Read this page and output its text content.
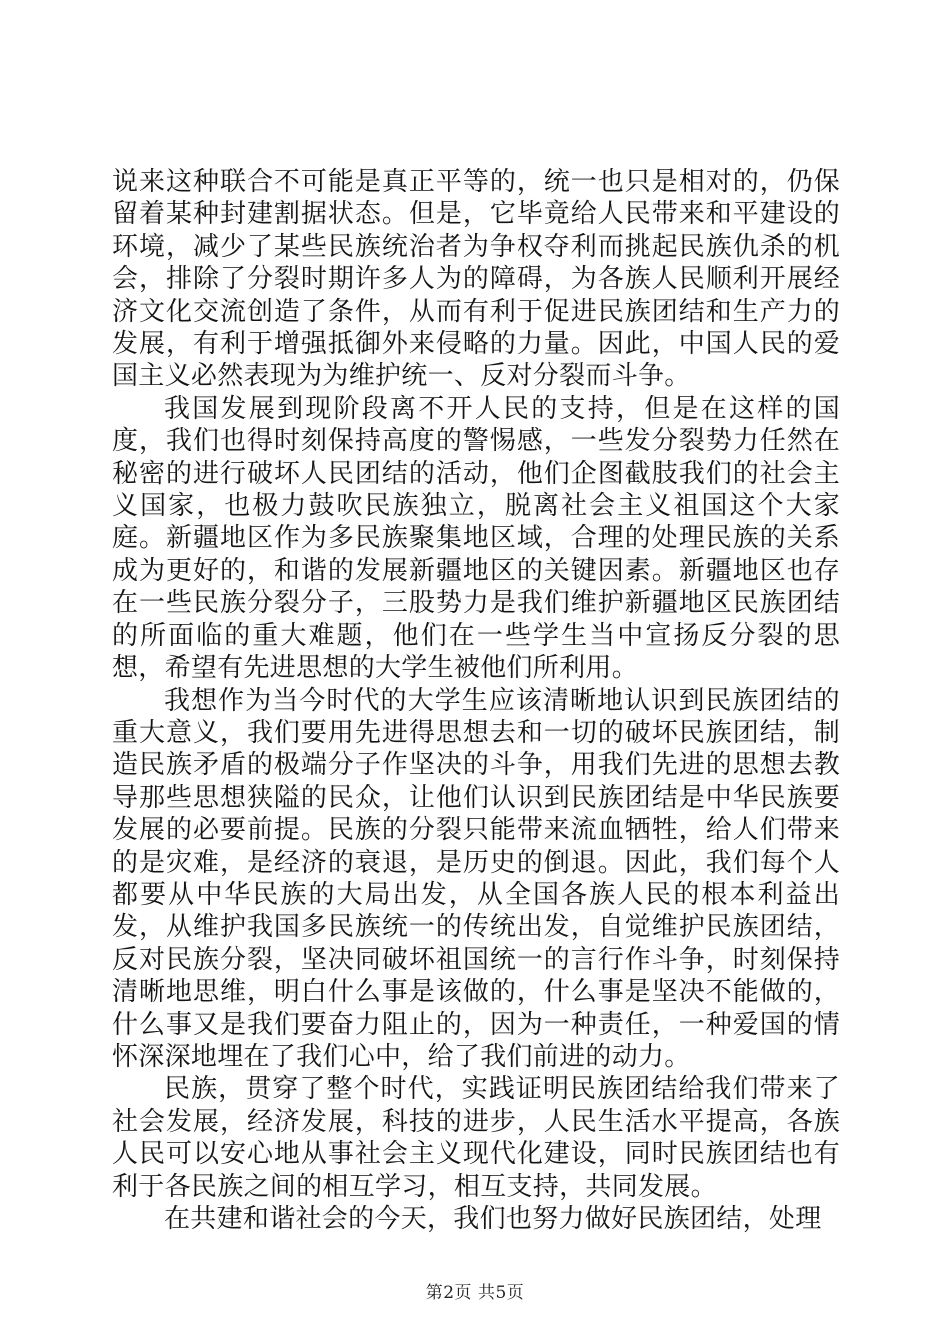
说来这种联合不可能是真正平等的，统一也只是相对的，仍保留着某种封建割据状态。但是，它毕竟给人民带来和平建设的环境，减少了某些民族统治者为争权夺利而挑起民族仇杀的机会，排除了分裂时期许多人为的障碍，为各族人民顺利开展经济文化交流创造了条件，从而有利于促进民族团结和生产力的发展，有利于增强抵御外来侵略的力量。因此，中国人民的爱国主义必然表现为为维护统一、反对分裂而斗争。

我国发展到现阶段离不开人民的支持，但是在这样的国度，我们也得时刻保持高度的警惕感，一些发分裂势力任然在秘密的进行破坏人民团结的活动，他们企图截肢我们的社会主义国家，也极力鼓吹民族独立，脱离社会主义祖国这个大家庭。新疆地区作为多民族聚集地区域，合理的处理民族的关系成为更好的，和谐的发展新疆地区的关键因素。新疆地区也存在一些民族分裂分子，三股势力是我们维护新疆地区民族团结的所面临的重大难题，他们在一些学生当中宣扬反分裂的思想，希望有先进思想的大学生被他们所利用。

我想作为当今时代的大学生应该清晰地认识到民族团结的重大意义，我们要用先进得思想去和一切的破坏民族团结，制造民族矛盾的极端分子作坚决的斗争，用我们先进的思想去教导那些思想狭隘的民众，让他们认识到民族团结是中华民族要发展的必要前提。民族的分裂只能带来流血牺牲，给人们带来的是灾难，是经济的衰退，是历史的倒退。因此，我们每个人都要从中华民族的大局出发，从全国各族人民的根本利益出发，从维护我国多民族统一的传统出发，自觉维护民族团结，反对民族分裂，坚决同破坏祖国统一的言行作斗争，时刻保持清晰地思维，明白什么事是该做的，什么事是坚决不能做的，什么事又是我们要奋力阻止的，因为一种责任，一种爱国的情怀深深地埋在了我们心中，给了我们前进的动力。

民族，贯穿了整个时代，实践证明民族团结给我们带来了社会发展，经济发展，科技的进步，人民生活水平提高，各族人民可以安心地从事社会主义现代化建设，同时民族团结也有利于各民族之间的相互学习，相互支持，共同发展。

在共建和谐社会的今天，我们也努力做好民族团结，处理

第2页 共5页
